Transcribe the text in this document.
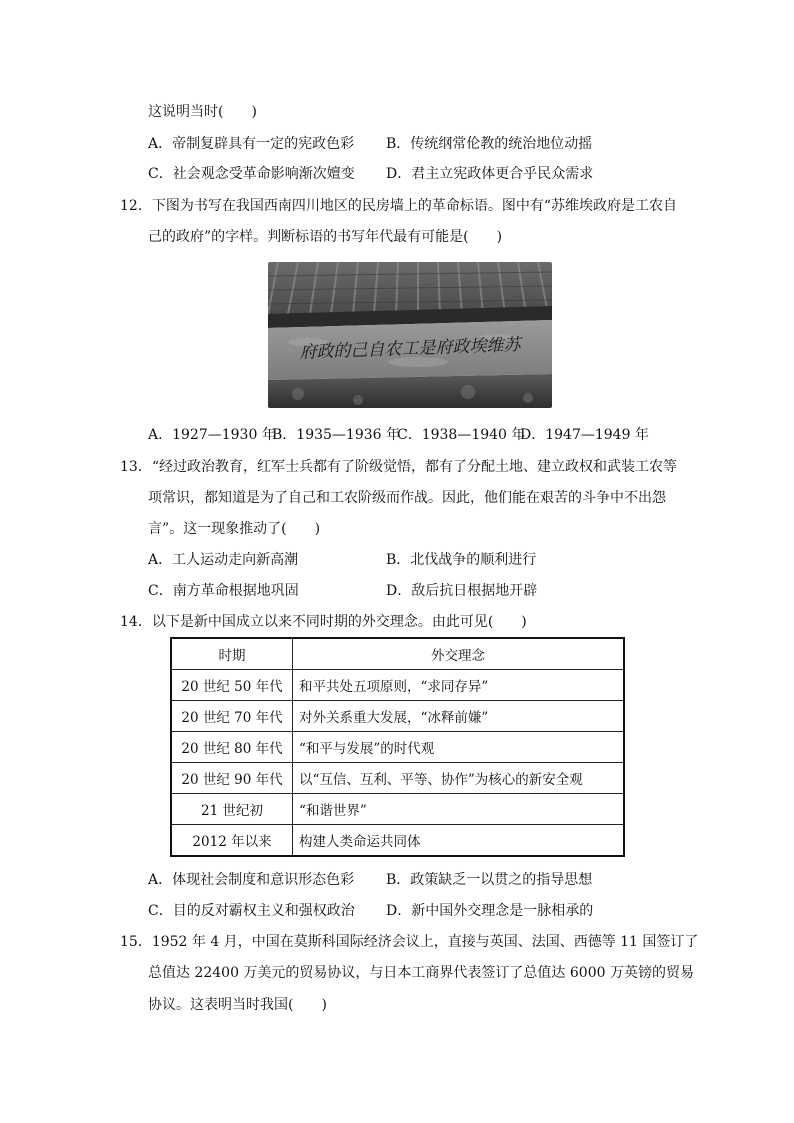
这说明当时(　　)
A．帝制复辟具有一定的宪政色彩 B．传统纲常伦教的统治地位动摇
C．社会观念受革命影响渐次嬗变 D．君主立宪政体更合乎民众需求
12．下图为书写在我国西南四川地区的民房墙上的革命标语。图中有“苏维埃政府是工农自
己的政府”的字样。判断标语的书写年代最有可能是(　　)
苏维埃政府是工农自己的政府
A．1927—1930 年
B．1935—1936 年
C．1938—1940 年
D．1947—1949 年
13．“经过政治教育，红军士兵都有了阶级觉悟，都有了分配土地、建立政权和武装工农等
项常识，都知道是为了自己和工农阶级而作战。因此，他们能在艰苦的斗争中不出怨
言”。这一现象推动了(　　)
A．工人运动走向新高潮	B．北伐战争的顺利进行
C．南方革命根据地巩固	D．敌后抗日根据地开辟
14．以下是新中国成立以来不同时期的外交理念。由此可见(　　)
时期	外交理念
20 世纪 50 年代	和平共处五项原则，“求同存异”
20 世纪 70 年代	对外关系重大发展，“冰释前嫌”
20 世纪 80 年代	“和平与发展”的时代观
20 世纪 90 年代	以“互信、互利、平等、协作”为核心的新安全观
21 世纪初	“和谐世界”
2012 年以来	构建人类命运共同体
A．体现社会制度和意识形态色彩 B．政策缺乏一以贯之的指导思想
C．目的反对霸权主义和强权政治 D．新中国外交理念是一脉相承的
15．1952 年 4 月，中国在莫斯科国际经济会议上，直接与英国、法国、西德等 11 国签订了
总值达 22400 万美元的贸易协议，与日本工商界代表签订了总值达 6000 万英镑的贸易
协议。这表明当时我国(　　)
